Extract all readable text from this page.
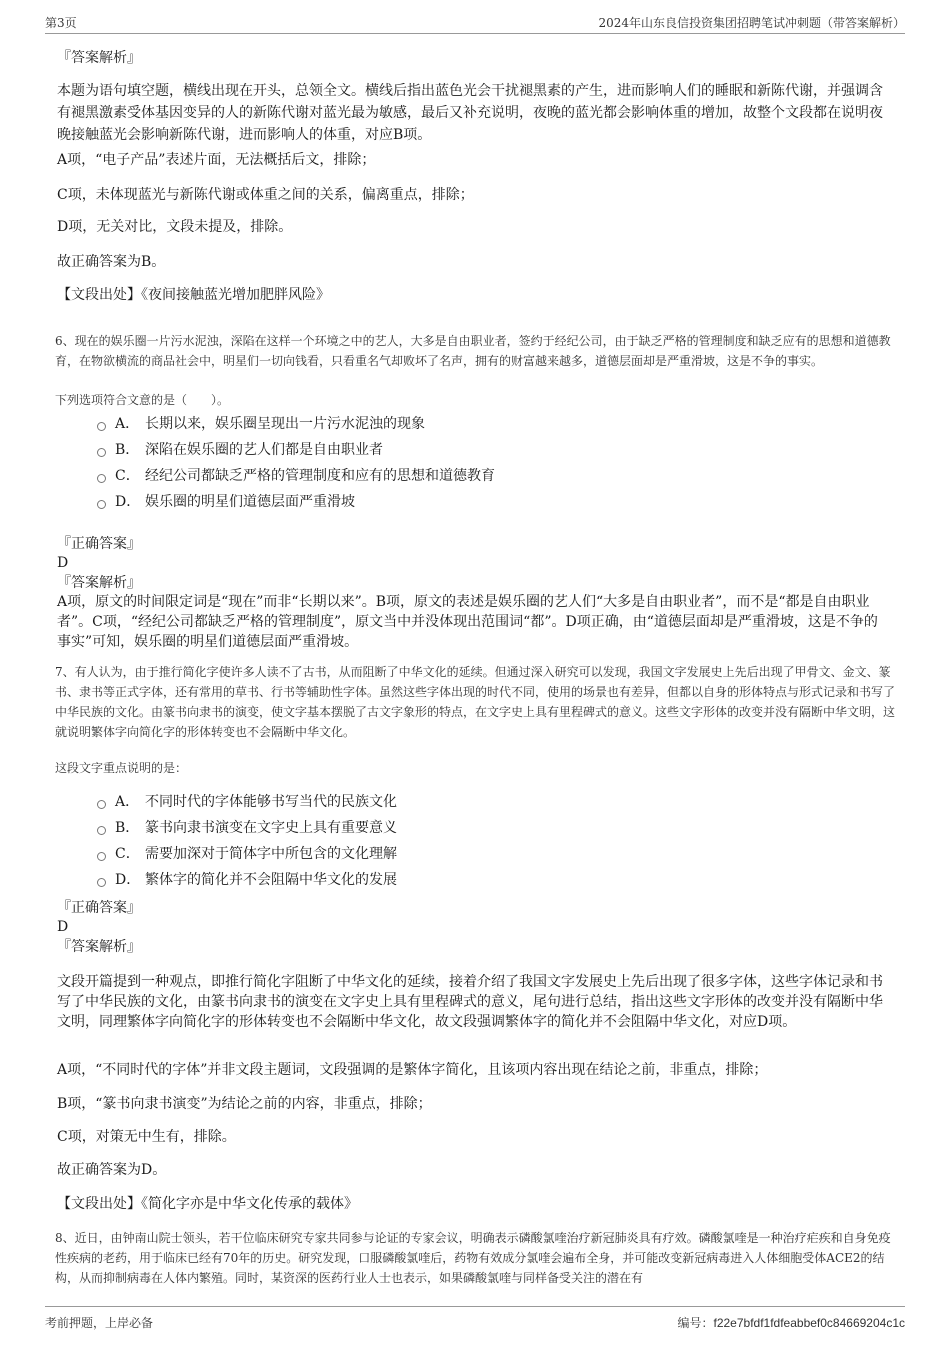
第3页	2024年山东良信投资集团招聘笔试冲刺题（带答案解析）
『答案解析』
本题为语句填空题，横线出现在开头，总领全文。横线后指出蓝色光会干扰褪黑素的产生，进而影响人们的睡眠和新陈代谢，并强调含有褪黑激素受体基因变异的人的新陈代谢对蓝光最为敏感，最后又补充说明，夜晚的蓝光都会影响体重的增加，故整个文段都在说明夜晚接触蓝光会影响新陈代谢，进而影响人的体重，对应B项。
A项，“电子产品”表述片面，无法概括后文，排除；
C项，未体现蓝光与新陈代谢或体重之间的关系，偏离重点，排除；
D项，无关对比，文段未提及，排除。
故正确答案为B。
【文段出处】《夜间接触蓝光增加肥胖风险》
6、现在的娱乐圈一片污水泥浊，深陷在这样一个环境之中的艺人，大多是自由职业者，签约于经纪公司，由于缺乏严格的管理制度和缺乏应有的思想和道德教育，在物欲横流的商品社会中，明星们一切向钱看，只看重名气却败坏了名声，拥有的财富越来越多，道德层面却是严重滑坡，这是不争的事实。
下列选项符合文意的是（　　）。
A． 长期以来，娱乐圈呈现出一片污水泥浊的现象
B． 深陷在娱乐圈的艺人们都是自由职业者
C． 经纪公司都缺乏严格的管理制度和应有的思想和道德教育
D． 娱乐圈的明星们道德层面严重滑坡
『正确答案』
D
『答案解析』
A项，原文的时间限定词是“现在”而非“长期以来”。B项，原文的表述是娱乐圈的艺人们“大多是自由职业者”，而不是“都是自由职业者”。C项，“经纪公司都缺乏严格的管理制度”，原文当中并没体现出范围词“都”。D项正确，由“道德层面却是严重滑坡，这是不争的事实”可知，娱乐圈的明星们道德层面严重滑坡。
7、有人认为，由于推行简化字使许多人读不了古书，从而阻断了中华文化的延续。但通过深入研究可以发现，我国文字发展史上先后出现了甲骨文、金文、篆书、隶书等正式字体，还有常用的草书、行书等辅助性字体。虽然这些字体出现的时代不同，使用的场景也有差异，但都以自身的形体特点与形式记录和书写了中华民族的文化。由篆书向隶书的演变，使文字基本摆脱了古文字象形的特点，在文字史上具有里程碑式的意义。这些文字形体的改变并没有隔断中华文明，这就说明繁体字向简化字的形体转变也不会隔断中华文化。
这段文字重点说明的是：
A． 不同时代的字体能够书写当代的民族文化
B． 篆书向隶书演变在文字史上具有重要意义
C． 需要加深对于简体字中所包含的文化理解
D． 繁体字的简化并不会阻隔中华文化的发展
『正确答案』
D
『答案解析』
文段开篇提到一种观点，即推行简化字阻断了中华文化的延续，接着介绍了我国文字发展史上先后出现了很多字体，这些字体记录和书写了中华民族的文化，由篆书向隶书的演变在文字史上具有里程碑式的意义，尾句进行总结，指出这些文字形体的改变并没有隔断中华文明，同理繁体字向简化字的形体转变也不会隔断中华文化，故文段强调繁体字的简化并不会阻隔中华文化，对应D项。
A项，“不同时代的字体”并非文段主题词，文段强调的是繁体字简化，且该项内容出现在结论之前，非重点，排除；
B项，“篆书向隶书演变”为结论之前的内容，非重点，排除；
C项，对策无中生有，排除。
故正确答案为D。
【文段出处】《简化字亦是中华文化传承的载体》
8、近日，由钟南山院士领头，若干位临床研究专家共同参与论证的专家会议，明确表示磷酸氯喹治疗新冠肺炎具有疗效。磷酸氯喹是一种治疗疟疾和自身免疫性疾病的老药，用于临床已经有70年的历史。研究发现，口服磷酸氯喹后，药物有效成分氯喹会遍布全身，并可能改变新冠病毒进入人体细胞受体ACE2的结构，从而抑制病毒在人体内繁殖。同时，某资深的医药行业人士也表示，如果磷酸氯喹与同样备受关注的潜在有
考前押题，上岸必备	编号：f22e7bfdf1fdfeabbef0c84669204c1c
